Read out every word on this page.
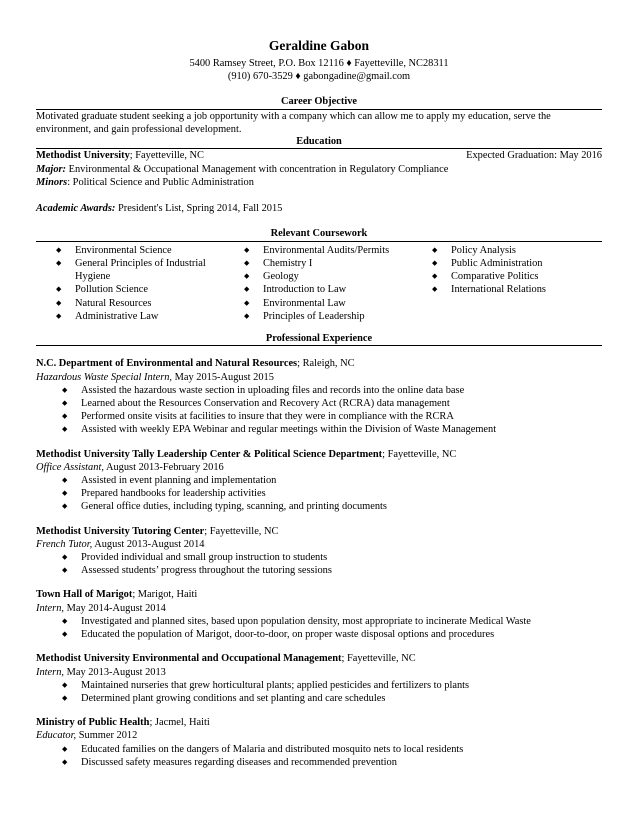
Geraldine Gabon
5400 Ramsey Street, P.O. Box 12116 ♦ Fayetteville, NC28311
(910) 670-3529 ♦ gabongadine@gmail.com
Career Objective
Motivated graduate student seeking a job opportunity with a company which can allow me to apply my education, serve the environment, and gain professional development.
Education
Methodist University; Fayetteville, NC	Expected Graduation: May 2016
Major: Environmental & Occupational Management with concentration in Regulatory Compliance
Minors: Political Science and Public Administration
Academic Awards: President's List, Spring 2014, Fall 2015
Relevant Coursework
◆ Environmental Science
◆ General Principles of Industrial Hygiene
◆ Pollution Science
◆ Natural Resources
◆ Administrative Law
◆ Environmental Audits/Permits
◆ Chemistry I
◆ Geology
◆ Introduction to Law
◆ Environmental Law
◆ Principles of Leadership
◆ Policy Analysis
◆ Public Administration
◆ Comparative Politics
◆ International Relations
Professional Experience
N.C. Department of Environmental and Natural Resources; Raleigh, NC
Hazardous Waste Special Intern, May 2015-August 2015
◆ Assisted the hazardous waste section in uploading files and records into the online data base
◆ Learned about the Resources Conservation and Recovery Act (RCRA) data management
◆ Performed onsite visits at facilities to insure that they were in compliance with the RCRA
◆ Assisted with weekly EPA Webinar and regular meetings within the Division of Waste Management
Methodist University Tally Leadership Center & Political Science Department; Fayetteville, NC
Office Assistant, August 2013-February 2016
◆ Assisted in event planning and implementation
◆ Prepared handbooks for leadership activities
◆ General office duties, including typing, scanning, and printing documents
Methodist University Tutoring Center; Fayetteville, NC
French Tutor, August 2013-August 2014
◆ Provided individual and small group instruction to students
◆ Assessed students’ progress throughout the tutoring sessions
Town Hall of Marigot; Marigot, Haiti
Intern, May 2014-August 2014
◆ Investigated and planned sites, based upon population density, most appropriate to incinerate Medical Waste
◆ Educated the population of Marigot, door-to-door, on proper waste disposal options and procedures
Methodist University Environmental and Occupational Management; Fayetteville, NC
Intern, May 2013-August 2013
◆ Maintained nurseries that grew horticultural plants; applied pesticides and fertilizers to plants
◆ Determined plant growing conditions and set planting and care schedules
Ministry of Public Health; Jacmel, Haiti
Educator, Summer 2012
◆ Educated families on the dangers of Malaria and distributed mosquito nets to local residents
◆ Discussed safety measures regarding diseases and recommended prevention
